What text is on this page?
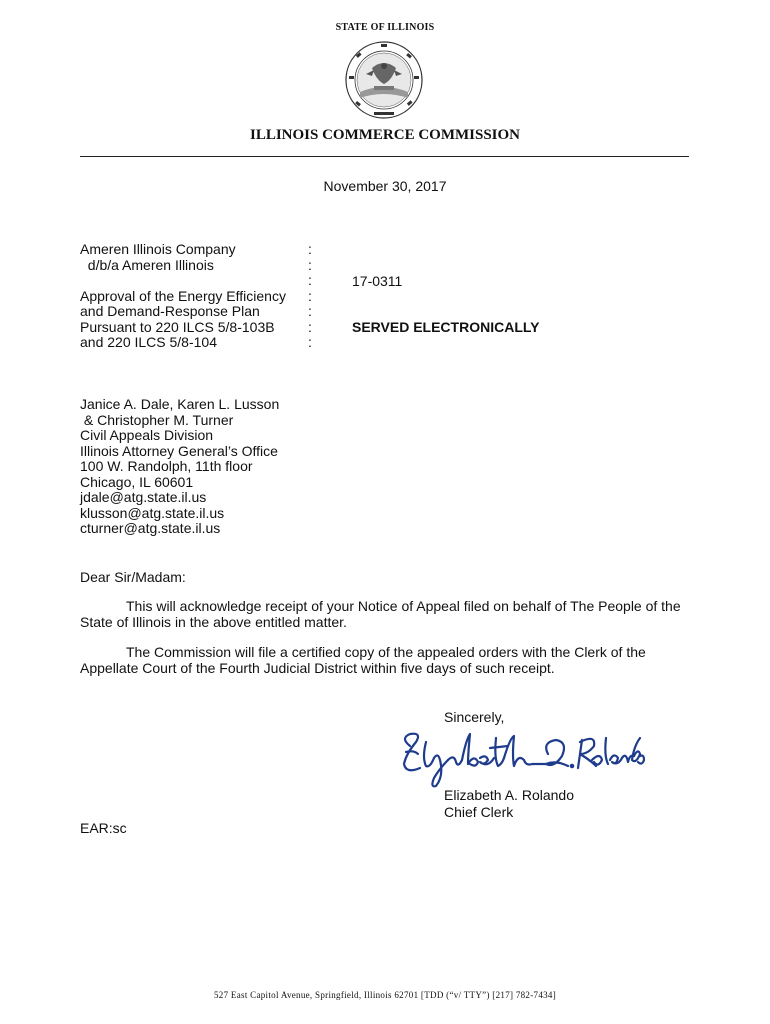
STATE OF ILLINOIS
ILLINOIS COMMERCE COMMISSION
November 30, 2017
Ameren Illinois Company
d/b/a Ameren Illinois
Approval of the Energy Efficiency
and Demand-Response Plan
Pursuant to 220 ILCS 5/8-103B
and 220 ILCS 5/8-104
:
:
:
:
:
:
:
17-0311
SERVED ELECTRONICALLY
Janice A. Dale, Karen L. Lusson
& Christopher M. Turner
Civil Appeals Division
Illinois Attorney General’s Office
100 W. Randolph, 11th floor
Chicago, IL 60601
jdale@atg.state.il.us
klusson@atg.state.il.us
cturner@atg.state.il.us
Dear Sir/Madam:
This will acknowledge receipt of your Notice of Appeal filed on behalf of The People of the State of Illinois in the above entitled matter.
The Commission will file a certified copy of the appealed orders with the Clerk of the Appellate Court of the Fourth Judicial District within five days of such receipt.
Sincerely,
Elizabeth A. Rolando
Chief Clerk
EAR:sc
527 East Capitol Avenue, Springfield, Illinois 62701 [TDD (“v/ TTY”) [217] 782-7434]
